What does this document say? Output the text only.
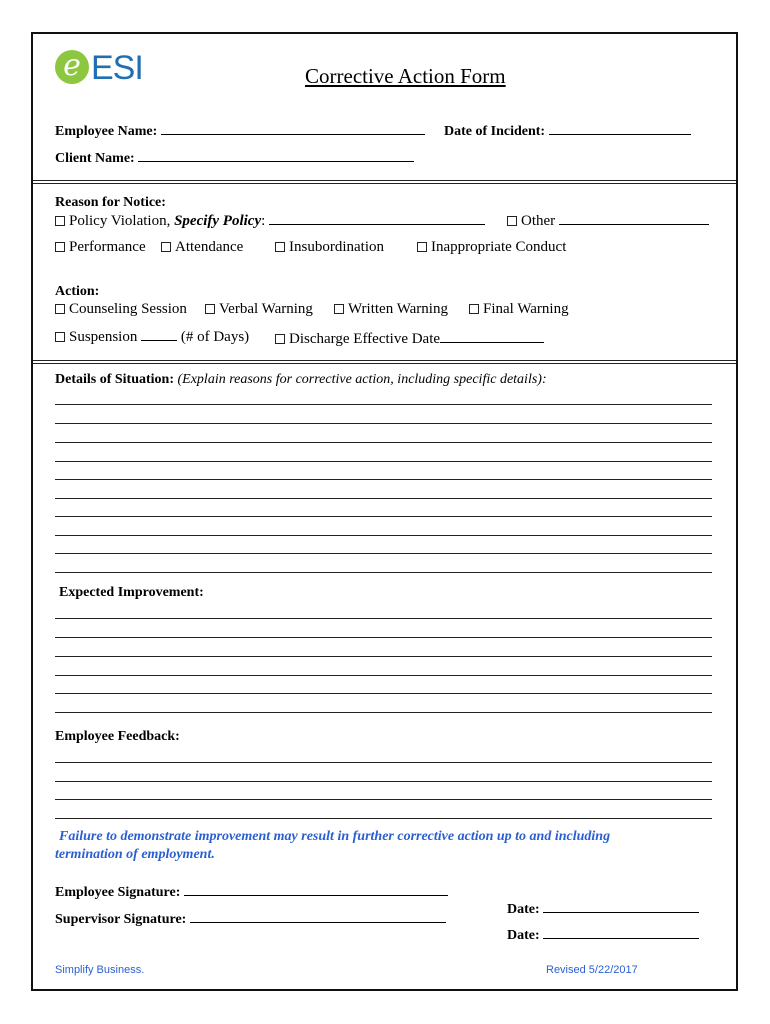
e ESI	Corrective Action Form
Employee Name:	Date of Incident:
Client Name:
Reason for Notice:
Policy Violation, Specify Policy:	Other
Performance	Attendance	Insubordination	Inappropriate Conduct
Action:
Counseling Session	Verbal Warning	Written Warning	Final Warning
Suspension	(# of Days)	Discharge Effective Date
Details of Situation: (Explain reasons for corrective action, including specific details):
Expected Improvement:
Employee Feedback:
Failure to demonstrate improvement may result in further corrective action up to and including
termination of employment.
Employee Signature:
Supervisor Signature:
Date:
Date:
Simplify Business.	Revised 5/22/2017
